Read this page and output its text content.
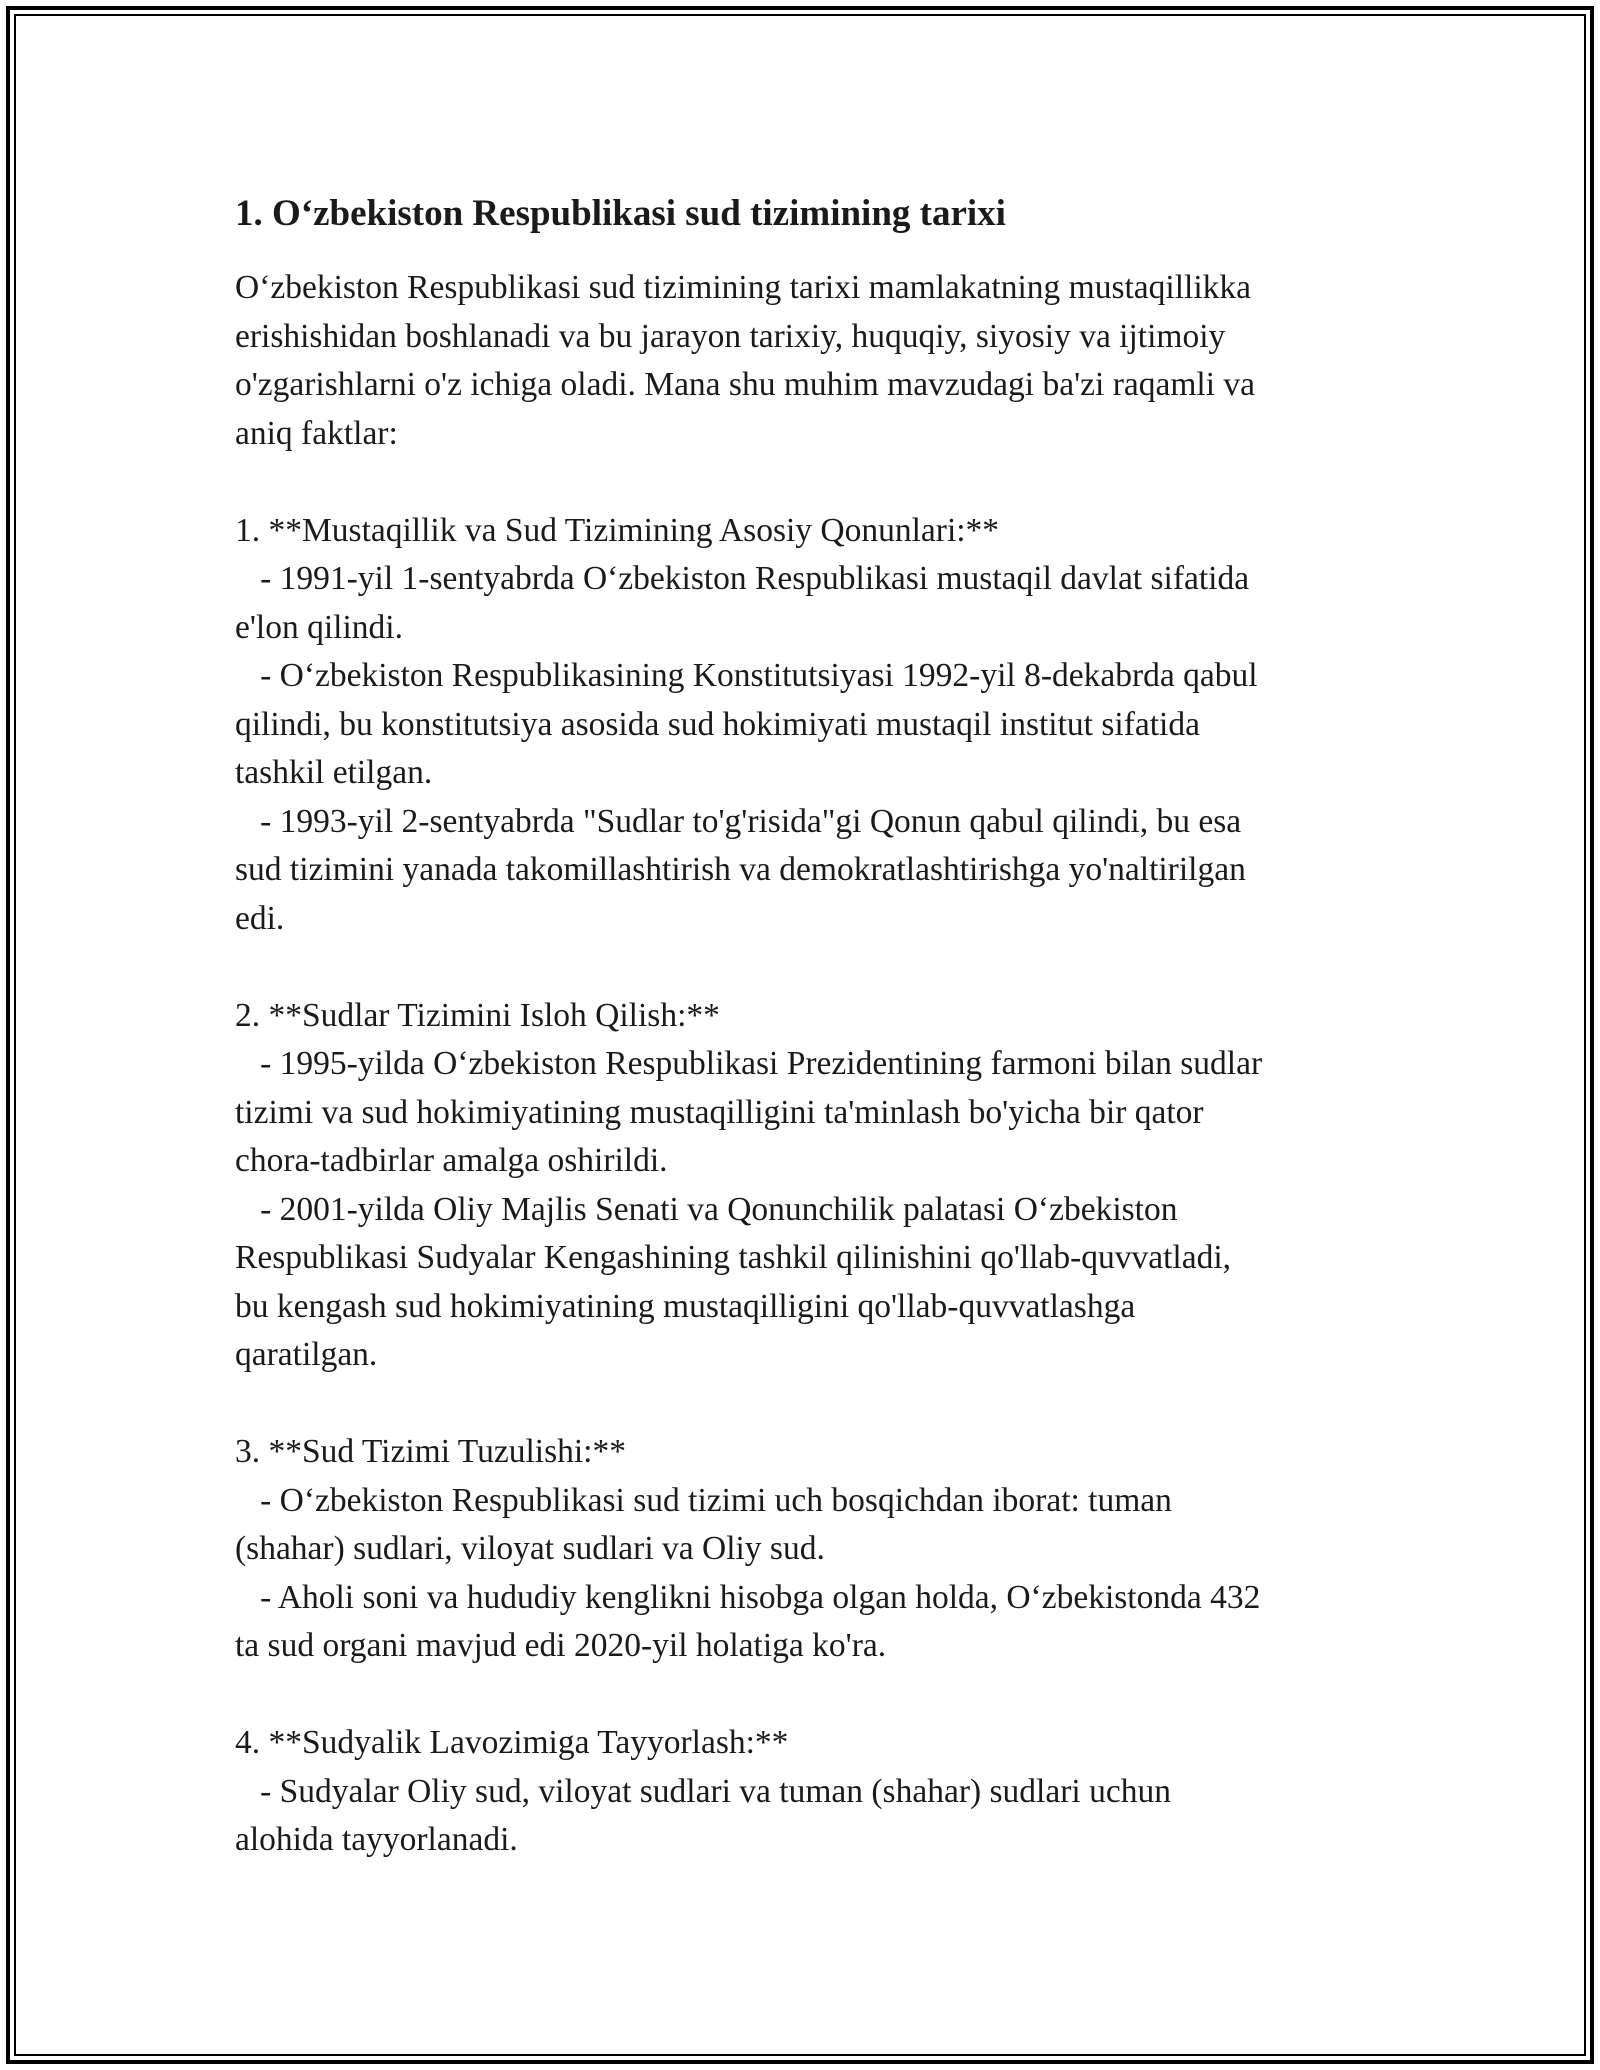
1. O‘zbekiston Respublikasi sud tizimining tarixi
O‘zbekiston Respublikasi sud tizimining tarixi mamlakatning mustaqillikka
erishishidan boshlanadi va bu jarayon tarixiy, huquqiy, siyosiy va ijtimoiy
o'zgarishlarni o'z ichiga oladi. Mana shu muhim mavzudagi ba'zi raqamli va
aniq faktlar:
1. **Mustaqillik va Sud Tizimining Asosiy Qonunlari:**
- 1991-yil 1-sentyabrda O‘zbekiston Respublikasi mustaqil davlat sifatida
e'lon qilindi.
- O‘zbekiston Respublikasining Konstitutsiyasi 1992-yil 8-dekabrda qabul
qilindi, bu konstitutsiya asosida sud hokimiyati mustaqil institut sifatida
tashkil etilgan.
- 1993-yil 2-sentyabrda "Sudlar to'g'risida"gi Qonun qabul qilindi, bu esa
sud tizimini yanada takomillashtirish va demokratlashtirishga yo'naltirilgan
edi.
2. **Sudlar Tizimini Isloh Qilish:**
- 1995-yilda O‘zbekiston Respublikasi Prezidentining farmoni bilan sudlar
tizimi va sud hokimiyatining mustaqilligini ta'minlash bo'yicha bir qator
chora-tadbirlar amalga oshirildi.
- 2001-yilda Oliy Majlis Senati va Qonunchilik palatasi O‘zbekiston
Respublikasi Sudyalar Kengashining tashkil qilinishini qo'llab-quvvatladi,
bu kengash sud hokimiyatining mustaqilligini qo'llab-quvvatlashga
qaratilgan.
3. **Sud Tizimi Tuzulishi:**
- O‘zbekiston Respublikasi sud tizimi uch bosqichdan iborat: tuman
(shahar) sudlari, viloyat sudlari va Oliy sud.
- Aholi soni va hududiy kenglikni hisobga olgan holda, O‘zbekistonda 432
ta sud organi mavjud edi 2020-yil holatiga ko'ra.
4. **Sudyalik Lavozimiga Tayyorlash:**
- Sudyalar Oliy sud, viloyat sudlari va tuman (shahar) sudlari uchun
alohida tayyorlanadi.
